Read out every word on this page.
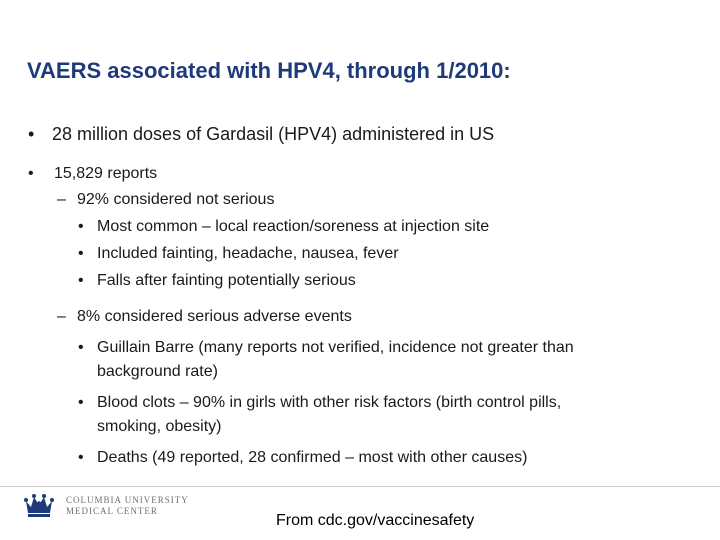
VAERS associated with HPV4, through 1/2010:
• 28 million doses of Gardasil (HPV4) administered in US
• 15,829 reports
– 92% considered not serious
• Most common – local reaction/soreness at injection site
• Included fainting, headache, nausea, fever
• Falls after fainting potentially serious
– 8% considered serious adverse events
• Guillain Barre (many reports not verified, incidence not greater than
background rate)
• Blood clots – 90% in girls with other risk factors (birth control pills,
smoking, obesity)
• Deaths (49 reported, 28 confirmed – most with other causes)
COLUMBIA UNIVERSITY
MEDICAL CENTER
From cdc.gov/vaccinesafety
